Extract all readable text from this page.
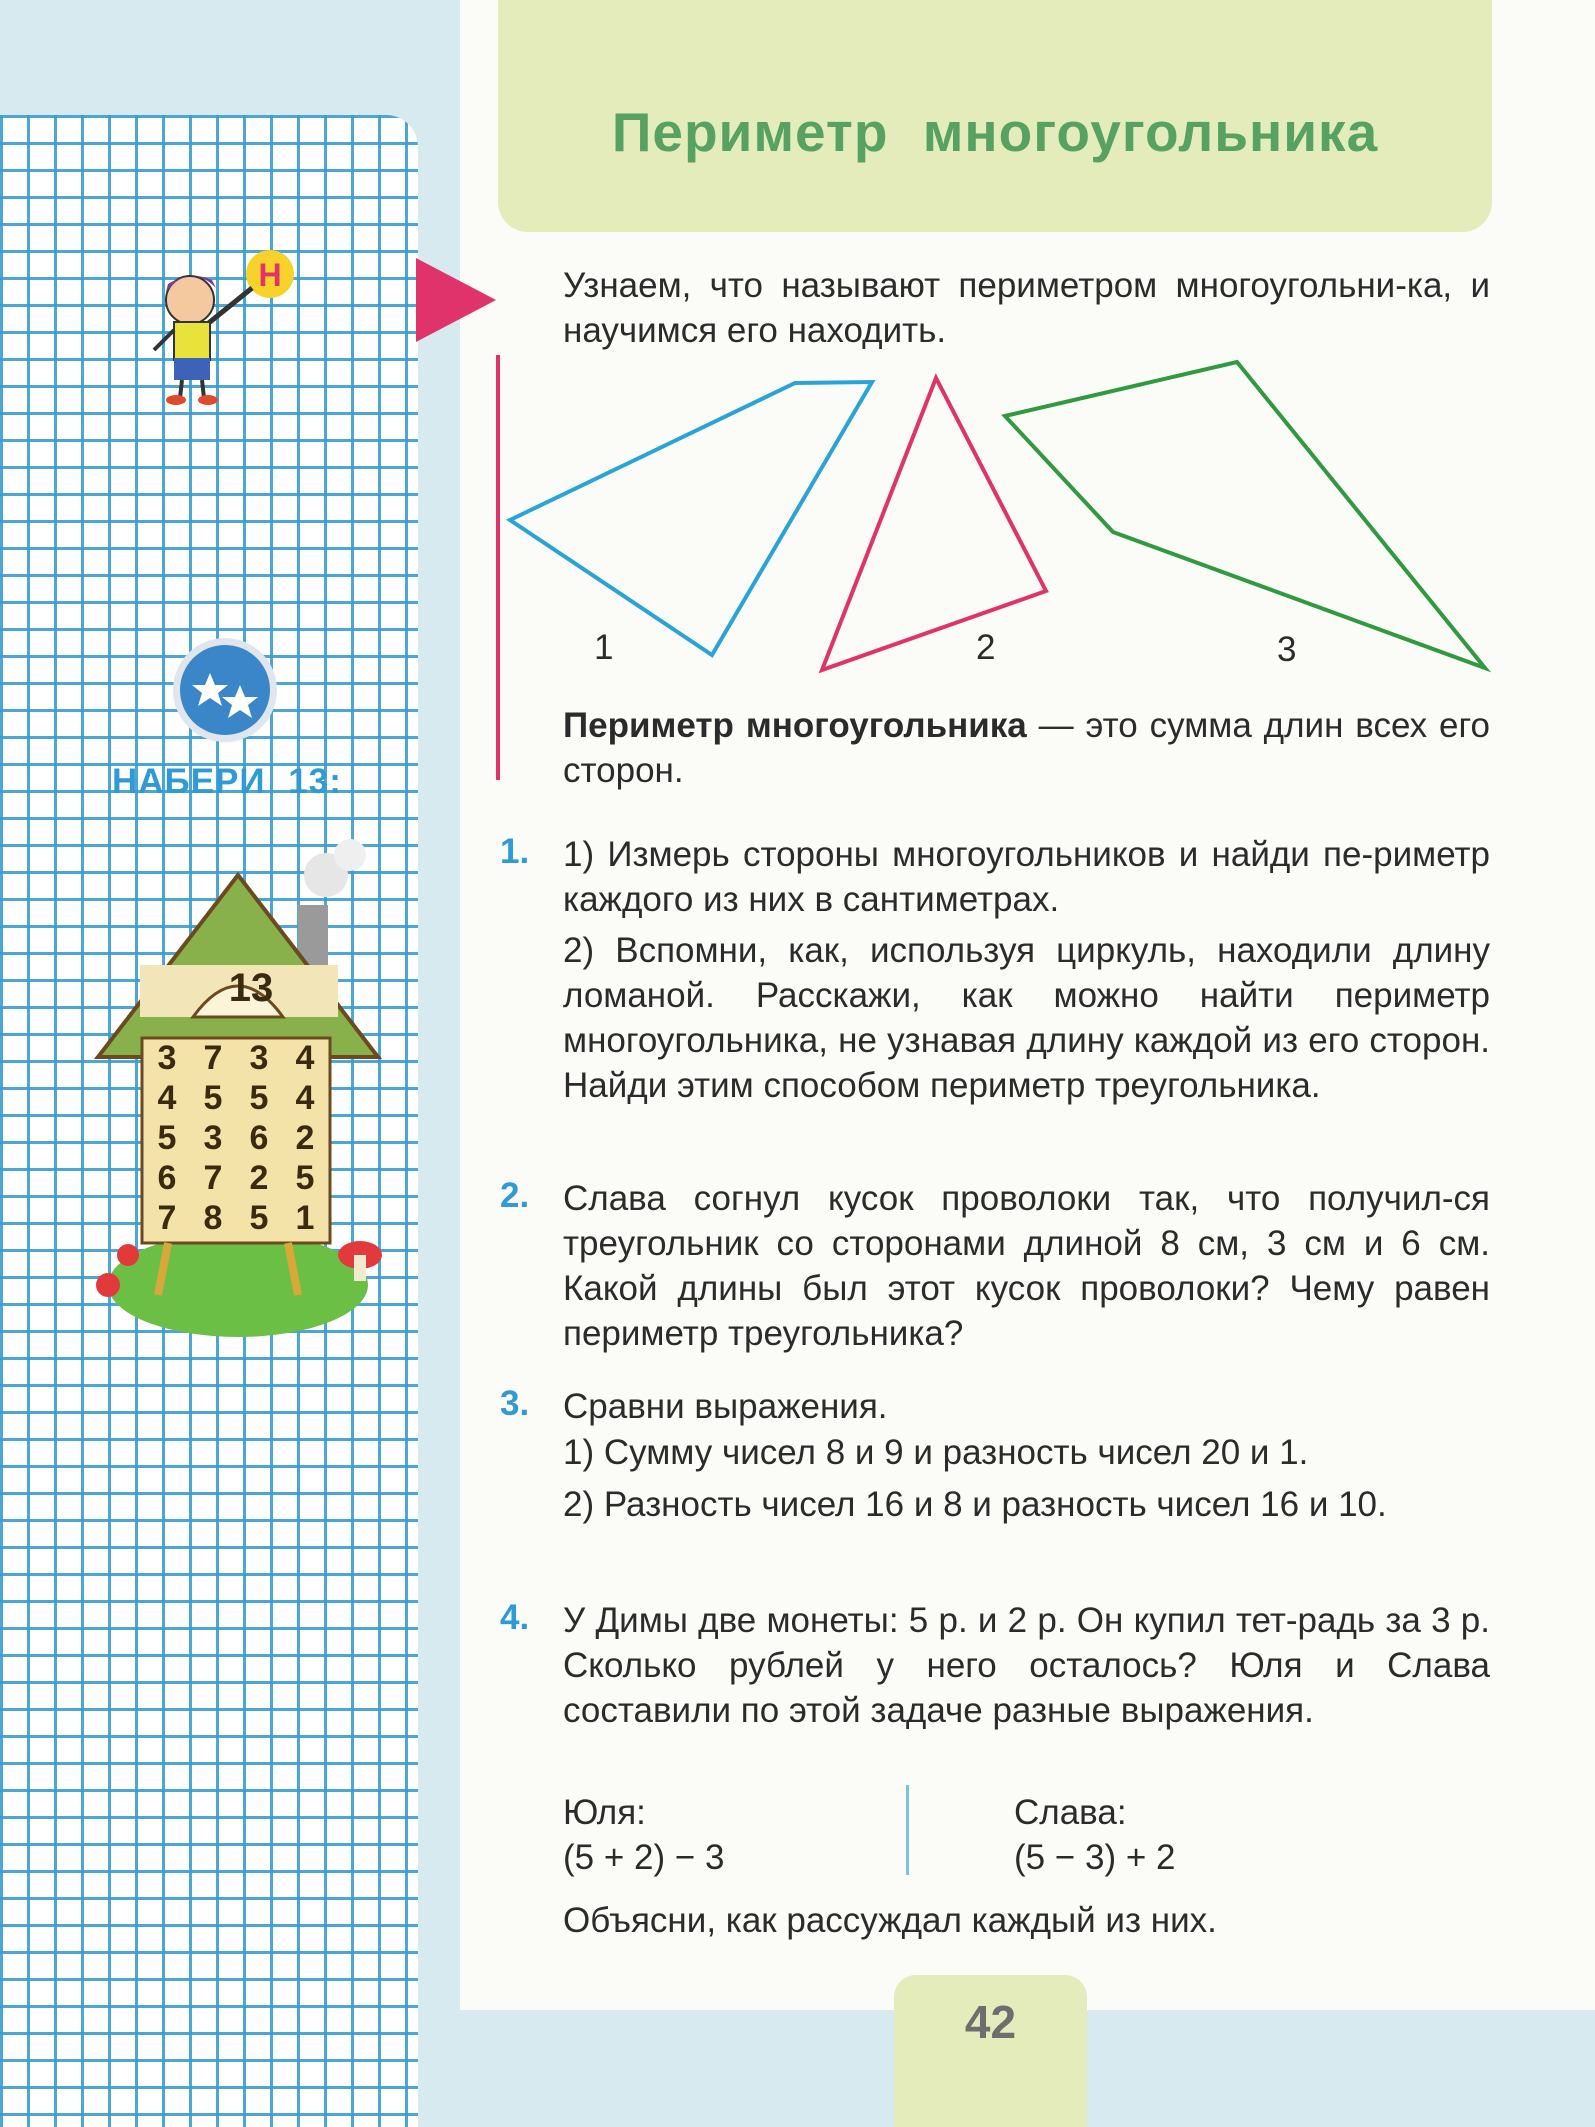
Н
НАБЕРИ 13:
13
3 7 3 4
4 5 5 4
5 3 6 2
6 7 2 5
7 8 5 1
Периметр многоугольника
Узнаем, что называют периметром многоугольни-ка, и научимся его находить.
1	2	3
Периметр многоугольника — это сумма длин всех его сторон.
1. 1) Измерь стороны многоугольников и найди пе-риметр каждого из них в сантиметрах.
2) Вспомни, как, используя циркуль, находили длину ломаной. Расскажи, как можно найти периметр многоугольника, не узнавая длину каждой из его сторон. Найди этим способом периметр треугольника.
2. Слава согнул кусок проволоки так, что получил-ся треугольник со сторонами длиной 8 см, 3 см и 6 см. Какой длины был этот кусок проволоки? Чему равен периметр треугольника?
3. Сравни выражения.
1) Сумму чисел 8 и 9 и разность чисел 20 и 1.
2) Разность чисел 16 и 8 и разность чисел 16 и 10.
4. У Димы две монеты: 5 р. и 2 р. Он купил тет-радь за 3 р. Сколько рублей у него осталось? Юля и Слава составили по этой задаче разные выражения.
Юля:
(5 + 2) − 3
Слава:
(5 − 3) + 2
Объясни, как рассуждал каждый из них.
42
